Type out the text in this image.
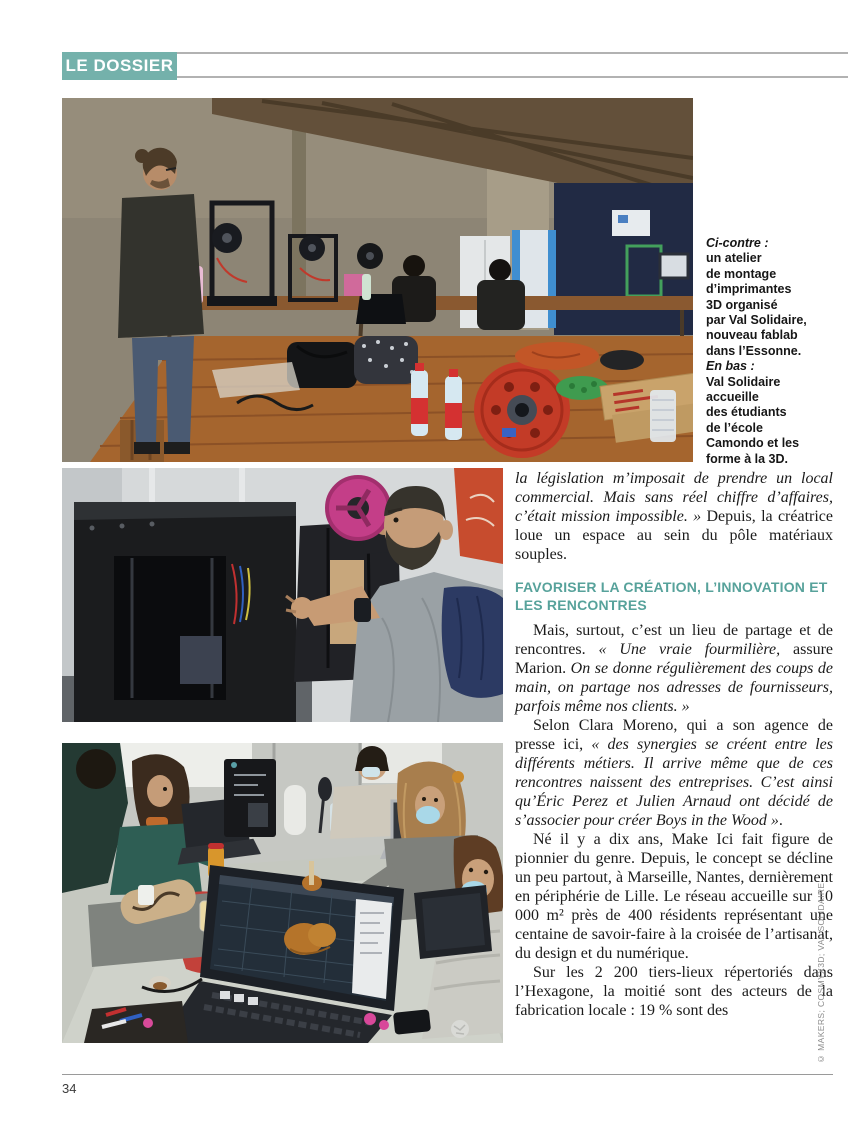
LE DOSSIER
Ci-contre :
un atelier
de montage
d’imprimantes
3D organisé
par Val Solidaire,
nouveau fablab
dans l’Essonne.
En bas :
Val Solidaire
accueille
des étudiants
de l’école
Camondo et les
forme à la 3D.

la législation m’imposait de prendre un local commercial. Mais sans réel chiffre d’affaires, c’était mission impossible. » Depuis, la créatrice loue un espace au sein du pôle matériaux souples.

FAVORISER LA CRÉATION, L’INNOVATION ET LES RENCONTRES

Mais, surtout, c’est un lieu de partage et de rencontres. « Une vraie fourmilière, assure Marion. On se donne régulièrement des coups de main, on partage nos adresses de fournisseurs, parfois même nos clients. »

Selon Clara Moreno, qui a son agence de presse ici, « des synergies se créent entre les différents métiers. Il arrive même que de ces rencontres naissent des entreprises. C’est ainsi qu’Éric Perez et Julien Arnaud ont décidé de s’associer pour créer Boys in the Wood ».

Né il y a dix ans, Make Ici fait figure de pionnier du genre. Depuis, le concept se décline un peu partout, à Marseille, Nantes, dernièrement en périphérie de Lille. Le réseau accueille sur 10 000 m² près de 400 résidents représentant une centaine de savoir-faire à la croisée de l’artisanat, du design et du numérique.

Sur les 2 200 tiers-lieux répertoriés dans l’Hexagone, la moitié sont des acteurs de la fabrication locale : 19 % sont des	© MAKERS; COSMYX3D; VAL SOLIDAIRE
34
